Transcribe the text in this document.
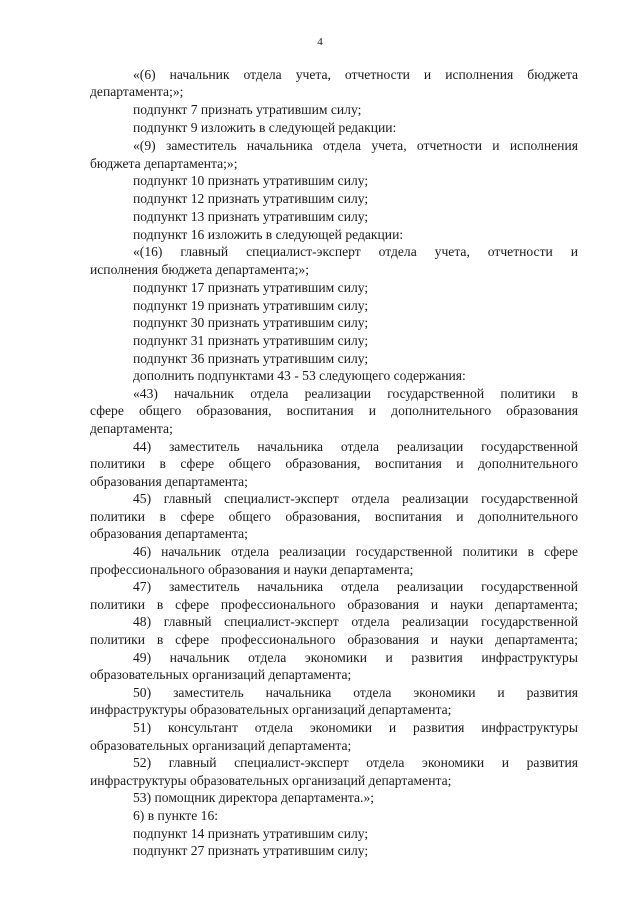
4
«(6) начальник отдела учета, отчетности и исполнения бюджета
департамента;»;
подпункт 7 признать утратившим силу;
подпункт 9 изложить в следующей редакции:
«(9) заместитель начальника отдела учета, отчетности и исполнения
бюджета департамента;»;
подпункт 10 признать утратившим силу;
подпункт 12 признать утратившим силу;
подпункт 13 признать утратившим силу;
подпункт 16 изложить в следующей редакции:
«(16) главный специалист-эксперт отдела учета, отчетности и
исполнения бюджета департамента;»;
подпункт 17 признать утратившим силу;
подпункт 19 признать утратившим силу;
подпункт 30 признать утратившим силу;
подпункт 31 признать утратившим силу;
подпункт 36 признать утратившим силу;
дополнить подпунктами 43 - 53 следующего содержания:
«43) начальник отдела реализации государственной политики в
сфере общего образования, воспитания и дополнительного образования
департамента;
44) заместитель начальника отдела реализации государственной
политики в сфере общего образования, воспитания и дополнительного
образования департамента;
45) главный специалист-эксперт отдела реализации государственной
политики в сфере общего образования, воспитания и дополнительного
образования департамента;
46) начальник отдела реализации государственной политики в сфере
профессионального образования и науки департамента;
47) заместитель начальника отдела реализации государственной
политики в сфере профессионального образования и науки департамента;
48) главный специалист-эксперт отдела реализации государственной
политики в сфере профессионального образования и науки департамента;
49) начальник отдела экономики и развития инфраструктуры
образовательных организаций департамента;
50) заместитель начальника отдела экономики и развития
инфраструктуры образовательных организаций департамента;
51) консультант отдела экономики и развития инфраструктуры
образовательных организаций департамента;
52) главный специалист-эксперт отдела экономики и развития
инфраструктуры образовательных организаций департамента;
53) помощник директора департамента.»;
6) в пункте 16:
подпункт 14 признать утратившим силу;
подпункт 27 признать утратившим силу;
